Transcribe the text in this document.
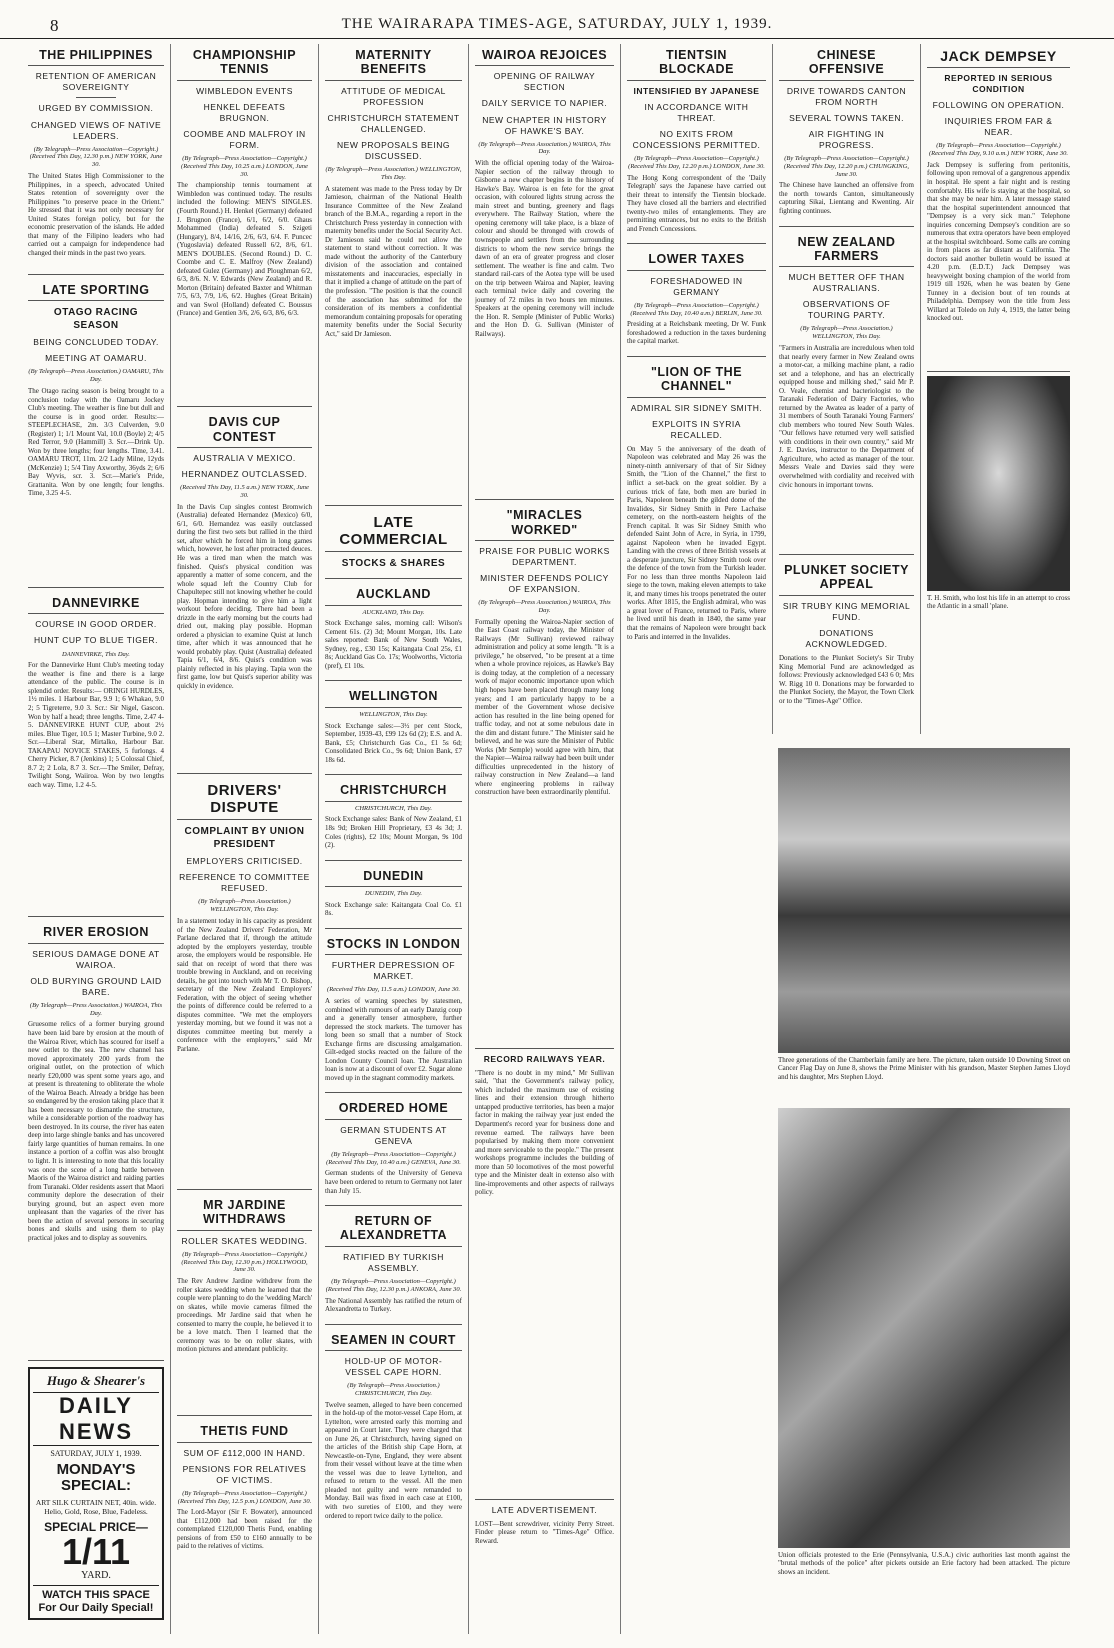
8	THE WAIRARAPA TIMES-AGE, SATURDAY, JULY 1, 1939.
THE PHILIPPINES
RETENTION OF AMERICAN SOVEREIGNTY
URGED BY COMMISSION.
CHANGED VIEWS OF NATIVE LEADERS.
(By Telegraph—Press Association—Copyright.) (Received This Day, 12.30 p.m.) NEW YORK, June 30.

The United States High Commissioner to the Philippines, in a speech, advocated United States retention of sovereignty over the Philippines "to preserve peace in the Orient." He stressed that it was not only necessary for United States foreign policy, but for the economic preservation of the islands. He added that many of the Filipino leaders who had carried out a campaign for independence had changed their minds in the past two years.

LATE SPORTING
OTAGO RACING SEASON
BEING CONCLUDED TODAY.
MEETING AT OAMARU.
(By Telegraph—Press Association.) OAMARU, This Day.

The Otago racing season is being brought to a conclusion today with the Oamaru Jockey Club's meeting. The weather is fine but dull and the course is in good order. Results:— STEEPLECHASE, 2m. 3/3 Culverden, 9.0 (Register) 1; 1/1 Mount Val, 10.0 (Boyle) 2; 4/5 Red Terror, 9.0 (Hammill) 3. Scr.—Drink Up. Won by three lengths; four lengths. Time, 3.41. OAMARU TROT, 11m. 2/2 Lady Milne, 12yds (McKenzie) 1; 5/4 Tiny Axworthy, 36yds 2; 6/6 Bay Wyvis, scr. 3. Scr.—Marie's Pride, Grattanita. Won by one length; four lengths. Time, 3.25 4-5.

DANNEVIRKE
COURSE IN GOOD ORDER.
HUNT CUP TO BLUE TIGER.
DANNEVIRKE, This Day.

For the Dannevirke Hunt Club's meeting today the weather is fine and there is a large attendance of the public. The course is in splendid order. Results:— ORINGI HURDLES, 1½ miles. 1 Harbour Bar, 9.9 1; 6 Whakao, 9.0 2; 5 Tigreterre, 9.0 3. Scr.: Sir Nigel, Gascon. Won by half a head; three lengths. Time, 2.47 4-5. DANNEVIRKE HUNT CUP, about 2½ miles. Blue Tiger, 10.5 1; Master Turbine, 9.0 2. Scr.—Liberal Star, Mirtalko, Harbour Bar. TAKAPAU NOVICE STAKES, 5 furlongs. 4 Cherry Picker, 8.7 (Jenkins) 1; 5 Colossal Chief, 8.7 2; 2 Lola, 8.7 3. Scr.—The Smiler, Defray, Twilight Song, Waiiroa. Won by two lengths each way. Time, 1.2 4-5.

RIVER EROSION
SERIOUS DAMAGE DONE AT WAIROA.
OLD BURYING GROUND LAID BARE.
(By Telegraph—Press Association.) WAIROA, This Day.

Gruesome relics of a former burying ground have been laid bare by erosion at the mouth of the Wairoa River, which has scoured for itself a new outlet to the sea. The new channel has moved approximately 200 yards from the original outlet, on the protection of which nearly £20,000 was spent some years ago, and at present is threatening to obliterate the whole of the Wairoa Beach. Already a bridge has been so endangered by the erosion taking place that it has been necessary to dismantle the structure, while a considerable portion of the roadway has been destroyed. In its course, the river has eaten deep into large shingle banks and has uncovered fairly large quantities of human remains. In one instance a portion of a coffin was also brought to light. It is interesting to note that this locality was once the scene of a long battle between Maoris of the Wairoa district and raiding parties from Turanaki. Older residents assert that Maori community deplore the desecration of their burying ground, but an aspect even more unpleasant than the vagaries of the river has been the action of several persons in securing bones and skulls and using them to play practical jokes and to display as souvenirs.

Hugo & Shearer's
DAILY NEWS
SATURDAY, JULY 1, 1939.
MONDAY'S SPECIAL:
ART SILK CURTAIN NET, 40in. wide. Helio, Gold, Rose, Blue, Fadeless.
SPECIAL PRICE—
1/11
YARD.
WATCH THIS SPACE For Our Daily Special!
CHAMPIONSHIP TENNIS
WIMBLEDON EVENTS
HENKEL DEFEATS BRUGNON.
COOMBE AND MALFROY IN FORM.
(By Telegraph—Press Association—Copyright.) (Received This Day, 10.25 a.m.) LONDON, June 30.

The championship tennis tournament at Wimbledon was continued today. The results included the following: MEN'S SINGLES. (Fourth Round.) H. Henkel (Germany) defeated J. Brugnon (France), 6/1, 6/2, 6/0. Ghaus Mohammed (India) defeated S. Szigeti (Hungary), 8/4, 14/16, 2/6, 6/3, 6/4. F. Puncec (Yugoslavia) defeated Russell 6/2, 8/6, 6/1. MEN'S DOUBLES. (Second Round.) D. C. Coombe and C. E. Malfroy (New Zealand) defeated Gulez (Germany) and Ploughman 6/2, 6/3, 8/6. N. V. Edwards (New Zealand) and R. Morton (Britain) defeated Baxter and Whitman 7/5, 6/3, 7/9, 1/6, 6/2. Hughes (Great Britain) and van Swol (Holland) defeated C. Boussus (France) and Gentien 3/6, 2/6, 6/3, 8/6, 6/3.

DAVIS CUP CONTEST
AUSTRALIA V MEXICO.
HERNANDEZ OUTCLASSED.
(Received This Day, 11.5 a.m.) NEW YORK, June 30.

In the Davis Cup singles contest Bromwich (Australia) defeated Hernandez (Mexico) 6/0, 6/1, 6/0. Hernandez was easily outclassed during the first two sets but rallied in the third set, after which he forced him in long games which, however, he lost after protracted deuces. He was a tired man when the match was finished. Quist's physical condition was apparently a matter of some concern, and the whole squad left the Country Club for Chapultepec still not knowing whether he could play. Hopman intending to give him a light workout before deciding. There had been a drizzle in the early morning but the courts had dried out, making play possible. Hopman ordered a physician to examine Quist at lunch time, after which it was announced that he would probably play. Quist (Australia) defeated Tapia 6/1, 6/4, 8/6. Quist's condition was plainly reflected in his playing. Tapia won the first game, low but Quist's superior ability was quickly in evidence.

DRIVERS' DISPUTE
COMPLAINT BY UNION PRESIDENT
EMPLOYERS CRITICISED.
REFERENCE TO COMMITTEE REFUSED.
(By Telegraph—Press Association.) WELLINGTON, This Day.

In a statement today in his capacity as president of the New Zealand Drivers' Federation, Mr Parlane declared that if, through the attitude adopted by the employers yesterday, trouble arose, the employers would be responsible. He said that on receipt of word that there was trouble brewing in Auckland, and on receiving details, he got into touch with Mr T. O. Bishop, secretary of the New Zealand Employers' Federation, with the object of seeing whether the points of difference could be referred to a disputes committee. "We met the employers yesterday morning, but we found it was not a disputes committee meeting but merely a conference with the employers," said Mr Parlane.

MR JARDINE WITHDRAWS
ROLLER SKATES WEDDING.
(By Telegraph—Press Association—Copyright.) (Received This Day, 12.30 p.m.) HOLLYWOOD, June 30.

The Rev Andrew Jardine withdrew from the roller skates wedding when he learned that the couple were planning to do the 'wedding March' on skates, while movie cameras filmed the proceedings. Mr Jardine said that when he consented to marry the couple, he believed it to be a love match. Then I learned that the ceremony was to be on roller skates, with motion pictures and attendant publicity.

THETIS FUND
SUM OF £112,000 IN HAND.
PENSIONS FOR RELATIVES OF VICTIMS.
(By Telegraph—Press Association—Copyright.) (Received This Day, 12.5 p.m.) LONDON, June 30.

The Lord-Mayor (Sir F. Bowater), announced that £112,000 had been raised for the contemplated £120,000 Thetis Fund, enabling pensions of from £50 to £160 annually to be paid to the relatives of victims.

MATERNITY BENEFITS
ATTITUDE OF MEDICAL PROFESSION
CHRISTCHURCH STATEMENT CHALLENGED.
NEW PROPOSALS BEING DISCUSSED.
(By Telegraph—Press Association.) WELLINGTON, This Day.

A statement was made to the Press today by Dr Jamieson, chairman of the National Health Insurance Committee of the New Zealand branch of the B.M.A., regarding a report in the Christchurch Press yesterday in connection with maternity benefits under the Social Security Act. Dr Jamieson said he could not allow the statement to stand without correction. It was made without the authority of the Canterbury division of the association and contained misstatements and inaccuracies, especially in that it implied a change of attitude on the part of the profession. "The position is that the council of the association has submitted for the consideration of its members a confidential memorandum containing proposals for operating maternity benefits under the Social Security Act," said Dr Jamieson.

LATE COMMERCIAL
STOCKS & SHARES
AUCKLAND
AUCKLAND, This Day.

Stock Exchange sales, morning call: Wilson's Cement 61s. (2) 3d; Mount Morgan, 10s. Late sales reported: Bank of New South Wales, Sydney, reg., £30 15s; Kaitangata Coal 25s, £1 8s; Auckland Gas Co. 17s; Woolworths, Victoria (pref), £1 10s.

WELLINGTON
WELLINGTON, This Day.

Stock Exchange sales:—3½ per cent Stock, September, 1939-43, £99 12s 6d (2); E.S. and A. Bank, £5; Christchurch Gas Co., £1 5s 6d; Consolidated Brick Co., 9s 6d; Union Bank, £7 18s 6d.

CHRISTCHURCH
CHRISTCHURCH, This Day.

Stock Exchange sales: Bank of New Zealand, £1 18s 9d; Broken Hill Proprietary, £3 4s 3d; J. Coles (rights), £2 10s; Mount Morgan, 9s 10d (2).

DUNEDIN
DUNEDIN, This Day.

Stock Exchange sale: Kaitangata Coal Co. £1 8s.

STOCKS IN LONDON
FURTHER DEPRESSION OF MARKET.
(Received This Day, 11.5 a.m.) LONDON, June 30.

A series of warning speeches by statesmen, combined with rumours of an early Danzig coup and a generally tenser atmosphere, further depressed the stock markets. The turnover has long been so small that a number of Stock Exchange firms are discussing amalgamation. Gilt-edged stocks reacted on the failure of the London County Council loan. The Australian loan is now at a discount of over £2. Sugar alone moved up in the stagnant commodity markets.

ORDERED HOME
GERMAN STUDENTS AT GENEVA
(By Telegraph—Press Association—Copyright.) (Received This Day, 10.40 a.m.) GENEVA, June 30.

German students of the University of Geneva have been ordered to return to Germany not later than July 15.

RETURN OF ALEXANDRETTA
RATIFIED BY TURKISH ASSEMBLY.
(By Telegraph—Press Association—Copyright.) (Received This Day, 12.30 p.m.) ANKORA, June 30.

The National Assembly has ratified the return of Alexandretta to Turkey.

SEAMEN IN COURT
HOLD-UP OF MOTOR-VESSEL CAPE HORN.
(By Telegraph—Press Association.) CHRISTCHURCH, This Day.

Twelve seamen, alleged to have been concerned in the hold-up of the motor-vessel Cape Horn, at Lyttelton, were arrested early this morning and appeared in Court later. They were charged that on June 26, at Christchurch, having signed on the articles of the British ship Cape Horn, at Newcastle-on-Tyne, England, they were absent from their vessel without leave at the time when the vessel was due to leave Lyttelton, and refused to return to the vessel. All the men pleaded not guilty and were remanded to Monday. Bail was fixed in each case at £100, with two sureties of £100, and they were ordered to report twice daily to the police.

WAIROA REJOICES
OPENING OF RAILWAY SECTION
DAILY SERVICE TO NAPIER.
NEW CHAPTER IN HISTORY OF HAWKE'S BAY.
(By Telegraph—Press Association.) WAIROA, This Day.

With the official opening today of the Wairoa-Napier section of the railway through to Gisborne a new chapter begins in the history of Hawke's Bay. Wairoa is en fete for the great occasion, with coloured lights strung across the main street and bunting, greenery and flags everywhere. The Railway Station, where the opening ceremony will take place, is a blaze of colour and should be thronged with crowds of townspeople and settlers from the surrounding districts to whom the new service brings the dawn of an era of greater progress and closer settlement. The weather is fine and calm. Two standard rail-cars of the Aotea type will be used on the trip between Wairoa and Napier, leaving each terminal twice daily and covering the journey of 72 miles in two hours ten minutes. Speakers at the opening ceremony will include the Hon. R. Semple (Minister of Public Works) and the Hon D. G. Sullivan (Minister of Railways).

"MIRACLES WORKED"
PRAISE FOR PUBLIC WORKS DEPARTMENT.
MINISTER DEFENDS POLICY OF EXPANSION.
(By Telegraph—Press Association.) WAIROA, This Day.

Formally opening the Wairoa-Napier section of the East Coast railway today, the Minister of Railways (Mr Sullivan) reviewed railway administration and policy at some length. "It is a privilege," he observed, "to be present at a time when a whole province rejoices, as Hawke's Bay is doing today, at the completion of a necessary work of major economic importance upon which high hopes have been placed through many long years; and I am particularly happy to be a member of the Government whose decisive action has resulted in the line being opened for traffic today, and not at some nebulous date in the dim and distant future." The Minister said he believed, and he was sure the Minister of Public Works (Mr Semple) would agree with him, that the Napier—Wairoa railway had been built under difficulties unprecedented in the history of railway construction in New Zealand—a land where engineering problems in railway construction have been extraordinarily plentiful.

RECORD RAILWAYS YEAR.

"There is no doubt in my mind," Mr Sullivan said, "that the Government's railway policy, which included the maximum use of existing lines and their extension through hitherto untapped productive territories, has been a major factor in making the railway year just ended the Department's record year for business done and revenue earned. The railways have been popularised by making them more convenient and more serviceable to the people." The present workshops programme includes the building of more than 50 locomotives of the most powerful type and the Minister dealt in extenso also with line-improvements and other aspects of railways policy.

LATE ADVERTISEMENT.

LOST—Bent screwdriver, vicinity Perry Street. Finder please return to "Times-Age" Office. Reward.

TIENTSIN BLOCKADE
INTENSIFIED BY JAPANESE
IN ACCORDANCE WITH THREAT.
NO EXITS FROM CONCESSIONS PERMITTED.
(By Telegraph—Press Association—Copyright.) (Received This Day, 12.20 p.m.) LONDON, June 30.

The Hong Kong correspondent of the 'Daily Telegraph' says the Japanese have carried out their threat to intensify the Tientsin blockade. They have closed all the barriers and electrified twenty-two miles of entanglements. They are permitting entrances, but no exits to the British and French Concessions.

LOWER TAXES
FORESHADOWED IN GERMANY
(By Telegraph—Press Association—Copyright.) (Received This Day, 10.40 a.m.) BERLIN, June 30.

Presiding at a Reichsbank meeting, Dr W. Funk foreshadowed a reduction in the taxes burdening the capital market.

"LION OF THE CHANNEL"
ADMIRAL SIR SIDNEY SMITH.
EXPLOITS IN SYRIA RECALLED.

On May 5 the anniversary of the death of Napoleon was celebrated and May 26 was the ninety-ninth anniversary of that of Sir Sidney Smith, the "Lion of the Channel," the first to inflict a set-back on the great soldier. By a curious trick of fate, both men are buried in Paris, Napoleon beneath the gilded dome of the Invalides, Sir Sidney Smith in Pere Lachaise cemetery, on the north-eastern heights of the French capital. It was Sir Sidney Smith who defended Saint John of Acre, in Syria, in 1799, against Napoleon when he invaded Egypt. Landing with the crews of three British vessels at a desperate juncture, Sir Sidney Smith took over the defence of the town from the Turkish leader. For no less than three months Napoleon laid siege to the town, making eleven attempts to take it, and many times his troops penetrated the outer works. After 1815, the English admiral, who was a great lover of France, returned to Paris, where he lived until his death in 1840, the same year that the remains of Napoleon were brought back to Paris and interred in the Invalides.

CHINESE OFFENSIVE
DRIVE TOWARDS CANTON FROM NORTH
SEVERAL TOWNS TAKEN.
AIR FIGHTING IN PROGRESS.
(By Telegraph—Press Association—Copyright.) (Received This Day, 12.20 p.m.) CHUNGKING, June 30.

The Chinese have launched an offensive from the north towards Canton, simultaneously capturing Sikai, Lientang and Kwenting. Air fighting continues.

NEW ZEALAND FARMERS
MUCH BETTER OFF THAN AUSTRALIANS.
OBSERVATIONS OF TOURING PARTY.
(By Telegraph—Press Association.) WELLINGTON, This Day.

"Farmers in Australia are incredulous when told that nearly every farmer in New Zealand owns a motor-car, a milking machine plant, a radio set and a telephone, and has an electrically equipped house and milking shed," said Mr P. O. Veale, chemist and bacteriologist to the Taranaki Federation of Dairy Factories, who returned by the Awatea as leader of a party of 31 members of South Taranaki Young Farmers' club members who toured New South Wales. "Our fellows have returned very well satisfied with conditions in their own country," said Mr J. E. Davies, instructor to the Department of Agriculture, who acted as manager of the tour. Messrs Veale and Davies said they were overwhelmed with cordiality and received with civic honours in important towns.

PLUNKET SOCIETY APPEAL
SIR TRUBY KING MEMORIAL FUND.
DONATIONS ACKNOWLEDGED.

Donations to the Plunket Society's Sir Truby King Memorial Fund are acknowledged as follows: Previously acknowledged £43 6 0; Mrs W. Rigg 10 0. Donations may be forwarded to the Plunket Society, the Mayor, the Town Clerk or to the "Times-Age" Office.

JACK DEMPSEY
REPORTED IN SERIOUS CONDITION
FOLLOWING ON OPERATION.
INQUIRIES FROM FAR & NEAR.
(By Telegraph—Press Association—Copyright.) (Received This Day, 9.10 a.m.) NEW YORK, June 30.

Jack Dempsey is suffering from peritonitis, following upon removal of a gangrenous appendix in hospital. He spent a fair night and is resting comfortably. His wife is staying at the hospital, so that she may be near him. A later message stated that the hospital superintendent announced that "Dempsey is a very sick man." Telephone inquiries concerning Dempsey's condition are so numerous that extra operators have been employed at the hospital switchboard. Some calls are coming in from places as far distant as California. The doctors said another bulletin would be issued at 4.20 p.m. (E.D.T.) Jack Dempsey was heavyweight boxing champion of the world from 1919 till 1926, when he was beaten by Gene Tunney in a decision bout of ten rounds at Philadelphia. Dempsey won the title from Jess Willard at Toledo on July 4, 1919, the latter being knocked out.

T. H. Smith, who lost his life in an attempt to cross the Atlantic in a small 'plane.
Three generations of the Chamberlain family are here. The picture, taken outside 10 Downing Street on Cancer Flag Day on June 8, shows the Prime Minister with his grandson, Master Stephen James Lloyd and his daughter, Mrs Stephen Lloyd.
Union officials protested to the Erie (Pennsylvania, U.S.A.) civic authorities last month against the "brutal methods of the police" after pickets outside an Erie factory had been attacked. The picture shows an incident.
